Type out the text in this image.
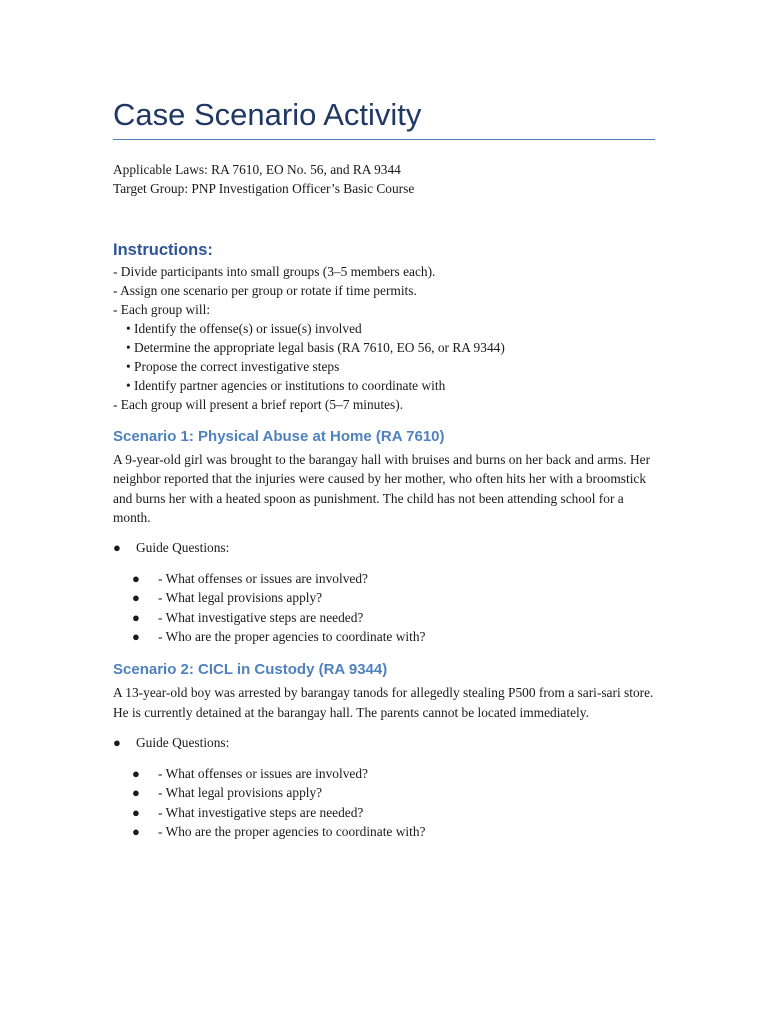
Case Scenario Activity
Applicable Laws: RA 7610, EO No. 56, and RA 9344
Target Group: PNP Investigation Officer’s Basic Course
Instructions:
- Divide participants into small groups (3–5 members each).
- Assign one scenario per group or rotate if time permits.
- Each group will:
• Identify the offense(s) or issue(s) involved
• Determine the appropriate legal basis (RA 7610, EO 56, or RA 9344)
• Propose the correct investigative steps
• Identify partner agencies or institutions to coordinate with
- Each group will present a brief report (5–7 minutes).
Scenario 1: Physical Abuse at Home (RA 7610)
A 9-year-old girl was brought to the barangay hall with bruises and burns on her back and arms. Her neighbor reported that the injuries were caused by her mother, who often hits her with a broomstick and burns her with a heated spoon as punishment. The child has not been attending school for a month.
● Guide Questions:
● - What offenses or issues are involved?
● - What legal provisions apply?
● - What investigative steps are needed?
● - Who are the proper agencies to coordinate with?
Scenario 2: CICL in Custody (RA 9344)
A 13-year-old boy was arrested by barangay tanods for allegedly stealing P500 from a sari-sari store. He is currently detained at the barangay hall. The parents cannot be located immediately.
● Guide Questions:
● - What offenses or issues are involved?
● - What legal provisions apply?
● - What investigative steps are needed?
● - Who are the proper agencies to coordinate with?
